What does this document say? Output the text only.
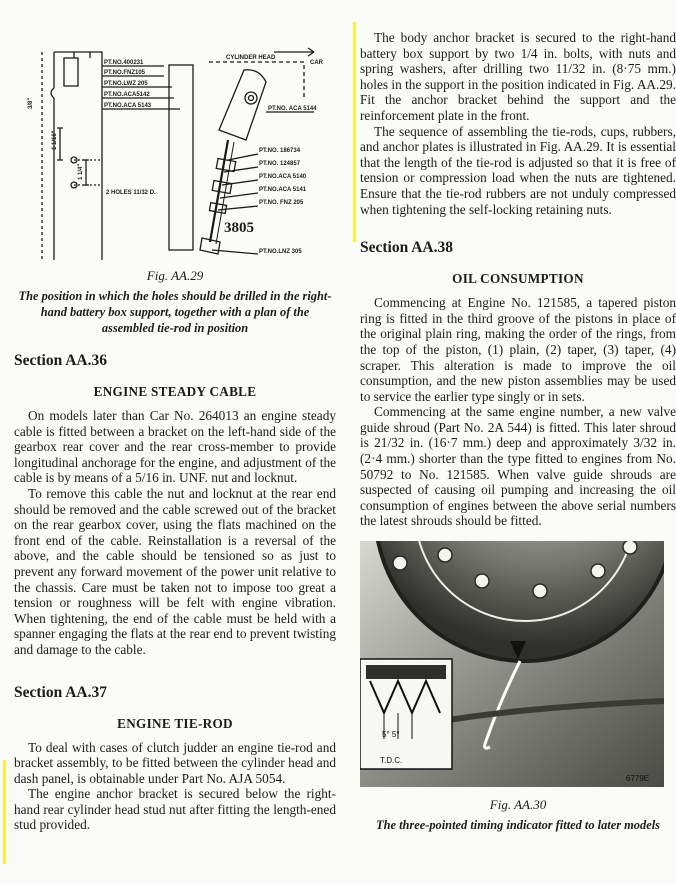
PT.NO.400231
PT.NO.FNZ105
PT.NO.LWZ 205
PT.NO.ACA5142
PT.NO.ACA 5143	PT.NO. ACA 5144
PT.NO. 186734
PT.NO. 124857
PT.NO.ACA 5140
PT.NO.ACA 5141
PT.NO. FNZ 205
PT.NO.LNZ 305
CYLINDER HEAD
CAR
2 HOLES 11/32 D.
3/8"
1 1/16"
1 1/4"
3805
Fig. AA.29
The position in which the holes should be drilled in the right-hand battery box support, together with a plan of the assembled tie-rod in position
Section AA.36
ENGINE STEADY CABLE

On models later than Car No. 264013 an engine steady cable is fitted between a bracket on the left-hand side of the gearbox rear cover and the rear cross-member to provide longitudinal anchorage for the engine, and adjustment of the cable is by means of a 5/16 in. UNF. nut and locknut.

To remove this cable the nut and locknut at the rear end should be removed and the cable screwed out of the bracket on the rear gearbox cover, using the flats machined on the front end of the cable. Reinstallation is a reversal of the above, and the cable should be tensioned so as just to prevent any forward movement of the power unit relative to the chassis. Care must be taken not to impose too great a tension or roughness will be felt with engine vibration. When tightening, the end of the cable must be held with a spanner engaging the flats at the rear end to prevent twisting and damage to the cable.

Section AA.37
ENGINE TIE-ROD

To deal with cases of clutch judder an engine tie-rod and bracket assembly, to be fitted between the cylinder head and dash panel, is obtainable under Part No. AJA 5054.

The engine anchor bracket is secured below the right-hand rear cylinder head stud nut after fitting the length-ened stud provided.

The body anchor bracket is secured to the right-hand battery box support by two 1/4 in. bolts, with nuts and spring washers, after drilling two 11/32 in. (8·75 mm.) holes in the support in the position indicated in Fig. AA.29. Fit the anchor bracket behind the support and the reinforcement plate in the front.

The sequence of assembling the tie-rods, cups, rubbers, and anchor plates is illustrated in Fig. AA.29. It is essential that the length of the tie-rod is adjusted so that it is free of tension or compression load when the nuts are tightened. Ensure that the tie-rod rubbers are not unduly compressed when tightening the self-locking retaining nuts.

Section AA.38
OIL CONSUMPTION

Commencing at Engine No. 121585, a tapered piston ring is fitted in the third groove of the pistons in place of the original plain ring, making the order of the rings, from the top of the piston, (1) plain, (2) taper, (3) taper, (4) scraper. This alteration is made to improve the oil consumption, and the new piston assemblies may be used to service the earlier type singly or in sets.

Commencing at the same engine number, a new valve guide shroud (Part No. 2A 544) is fitted. This later shroud is 21/32 in. (16·7 mm.) deep and approximately 3/32 in. (2·4 mm.) shorter than the type fitted to engines from No. 50792 to No. 121585. When valve guide shrouds are suspected of causing oil pumping and increasing the oil consumption of engines between the above serial numbers the latest shrouds should be fitted.

5° 5°
T.D.C.
6779E
Fig. AA.30
The three-pointed timing indicator fitted to later models
